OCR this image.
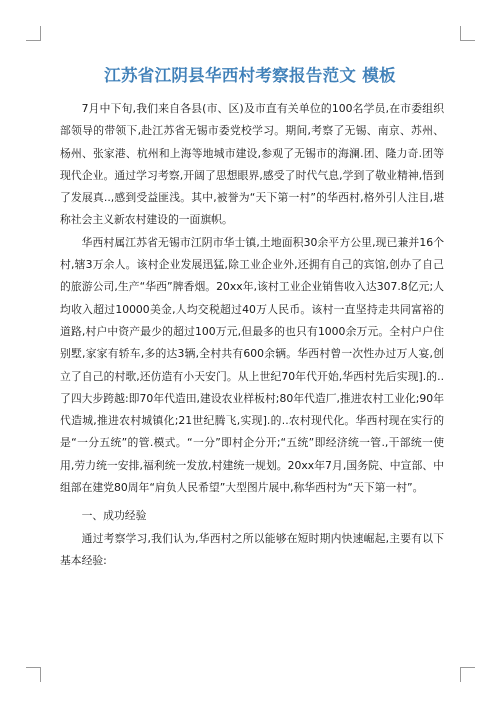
江苏省江阴县华西村考察报告范文 模板

7月中下旬,我们来自各县(市、区)及市直有关单位的100名学员,在市委组织部领导的带领下,赴江苏省无锡市委党校学习。期间,考察了无锡、南京、苏州、杨州、张家港、杭州和上海等地城市建设,参观了无锡市的海澜.团、隆力奇.团等现代企业。通过学习考察,开阔了思想眼界,感受了时代气息,学到了敬业精神,悟到了发展真..,感到受益匪浅。其中,被誉为“天下第一村”的华西村,格外引人注目,堪称社会主义新农村建设的一面旗帜。

华西村属江苏省无锡市江阴市华士镇,土地面积30余平方公里,现已兼并16个村,辖3万余人。该村企业发展迅猛,除工业企业外,还拥有自己的宾馆,创办了自己的旅游公司,生产“华西”牌香烟。20xx年,该村工业企业销售收入达307.8亿元;人均收入超过10000美金,人均交税超过40万人民币。该村一直坚持走共同富裕的道路,村户中资产最少的超过100万元,但最多的也只有1000余万元。全村户户住别墅,家家有轿车,多的达3辆,全村共有600余辆。华西村曾一次性办过万人宴,创立了自己的村歌,还仿造有小天安门。从上世纪70年代开始,华西村先后实现].的..了四大步跨越:即70年代造田,建设农业样板村;80年代造厂,推进农村工业化;90年代造城,推进农村城镇化;21世纪腾飞,实现].的..农村现代化。华西村现在实行的是“一分五统”的管.模式。“一分”即村企分开;“五统”即经济统一管.,干部统一使用,劳力统一安排,福利统一发放,村建统一规划。20xx年7月,国务院、中宣部、中组部在建党80周年“肩负人民希望”大型图片展中,称华西村为“天下第一村”。

一、成功经验

通过考察学习,我们认为,华西村之所以能够在短时期内快速崛起,主要有以下基本经验:
